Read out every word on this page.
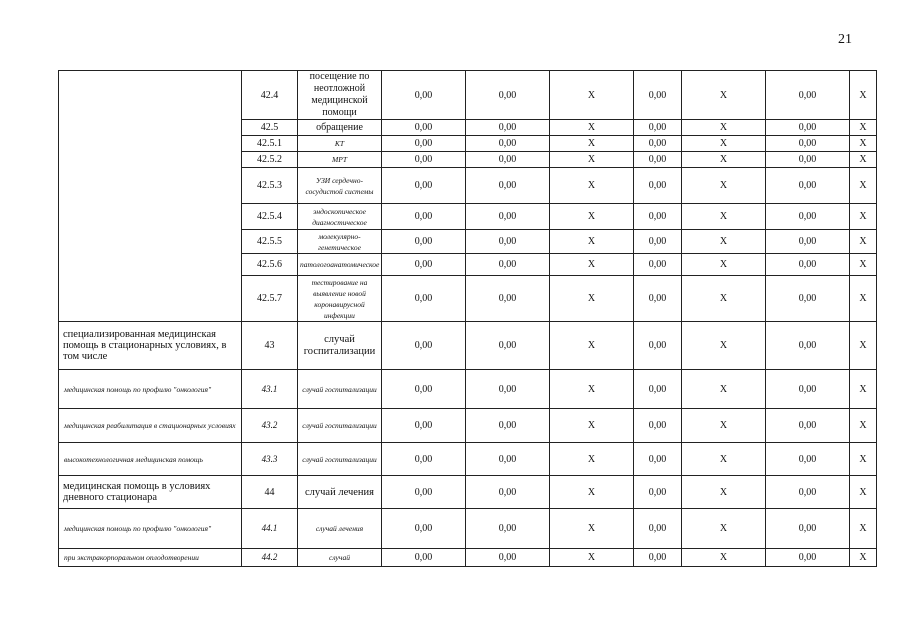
21
	42.4	посещение по неотложной медицинской помощи	0,00	0,00	X	0,00	X	0,00	X
	42.5	обращение	0,00	0,00	X	0,00	X	0,00	X
	42.5.1	КТ	0,00	0,00	X	0,00	X	0,00	X
	42.5.2	МРТ	0,00	0,00	X	0,00	X	0,00	X
	42.5.3	УЗИ сердечно-сосудистой системы	0,00	0,00	X	0,00	X	0,00	X
	42.5.4	эндоскопическое диагностическое	0,00	0,00	X	0,00	X	0,00	X
	42.5.5	молекулярно-генетическое	0,00	0,00	X	0,00	X	0,00	X
	42.5.6	патологоанатомическое	0,00	0,00	X	0,00	X	0,00	X
	42.5.7	тестирование на выявление новой коронавирусной инфекции	0,00	0,00	X	0,00	X	0,00	X
специализированная медицинская помощь в стационарных условиях, в том числе	43	случай госпитализации	0,00	0,00	X	0,00	X	0,00	X
медицинская помощь по профилю "онкология"	43.1	случай госпитализации	0,00	0,00	X	0,00	X	0,00	X
медицинская реабилитация в стационарных условиях	43.2	случай госпитализации	0,00	0,00	X	0,00	X	0,00	X
высокотехнологичная медицинская помощь	43.3	случай госпитализации	0,00	0,00	X	0,00	X	0,00	X
медицинская помощь в условиях дневного стационара	44	случай лечения	0,00	0,00	X	0,00	X	0,00	X
медицинская помощь по профилю "онкология"	44.1	случай лечения	0,00	0,00	X	0,00	X	0,00	X
при экстракорпоральном оплодотворении	44.2	случай	0,00	0,00	X	0,00	X	0,00	X
